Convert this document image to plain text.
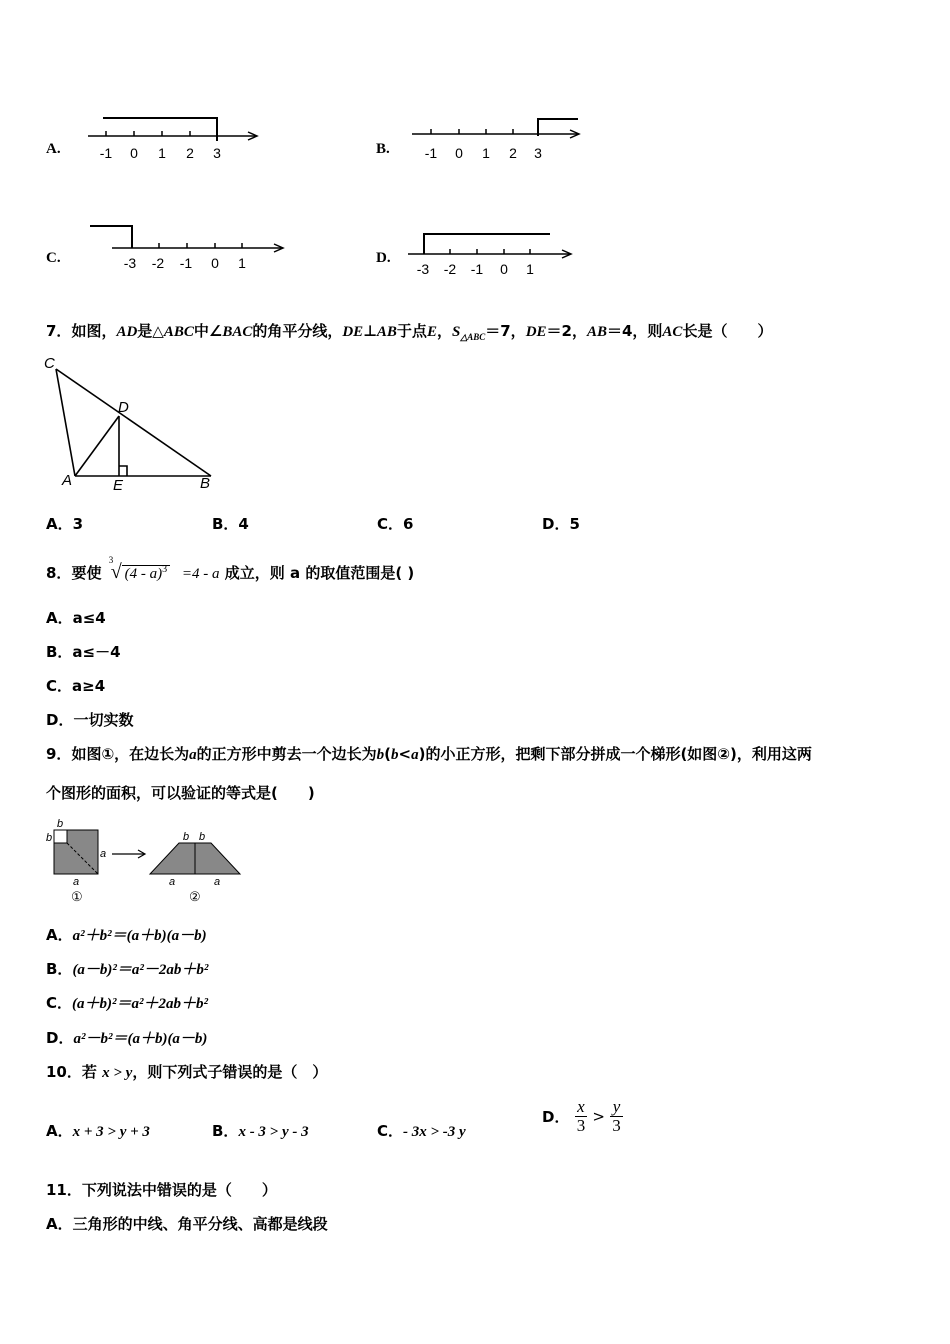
A.	-1 0 1 2 3	B.	-1 0 1 2 3
C.	-3 -2 -1 0 1	D.
-3 -2 -1 0 1
7．如图，AD是△ABC中∠BAC的角平分线，DE⊥AB于点E，$S_{\triangle ABC}=7$，DE＝2，AB＝4，则AC长是（　　）
C
D
A	E	B
A．3	B．4	C．6	D．5
8．要使
3
√ (4 - a)$^3$ =4 - a 成立，则 a 的取值范围是( )
A．a≤4
B．a≤－4
C．a≥4
D．一切实数
9．如图①，在边长为a的正方形中剪去一个边长为b(b<a)的小正方形，把剩下部分拼成一个梯形(如图②)，利用这两
个图形的面积，可以验证的等式是(　　)
b
b
a
a
b b
a	a
①	②
A．a²＋b²＝(a＋b)(a－b)
B．(a－b)²＝a²－2ab＋b²
C．(a＋b)²＝a²＋2ab＋b²
D．a²－b²＝(a＋b)(a－b)
10．若 x > y，则下列式子错误的是（　）
A．x + 3 > y + 3	B．x - 3 > y - 3	C．- 3x > -3 y
D． $\frac{x}{3} > \frac{y}{3}$
11．下列说法中错误的是（　　）
A．三角形的中线、角平分线、高都是线段
